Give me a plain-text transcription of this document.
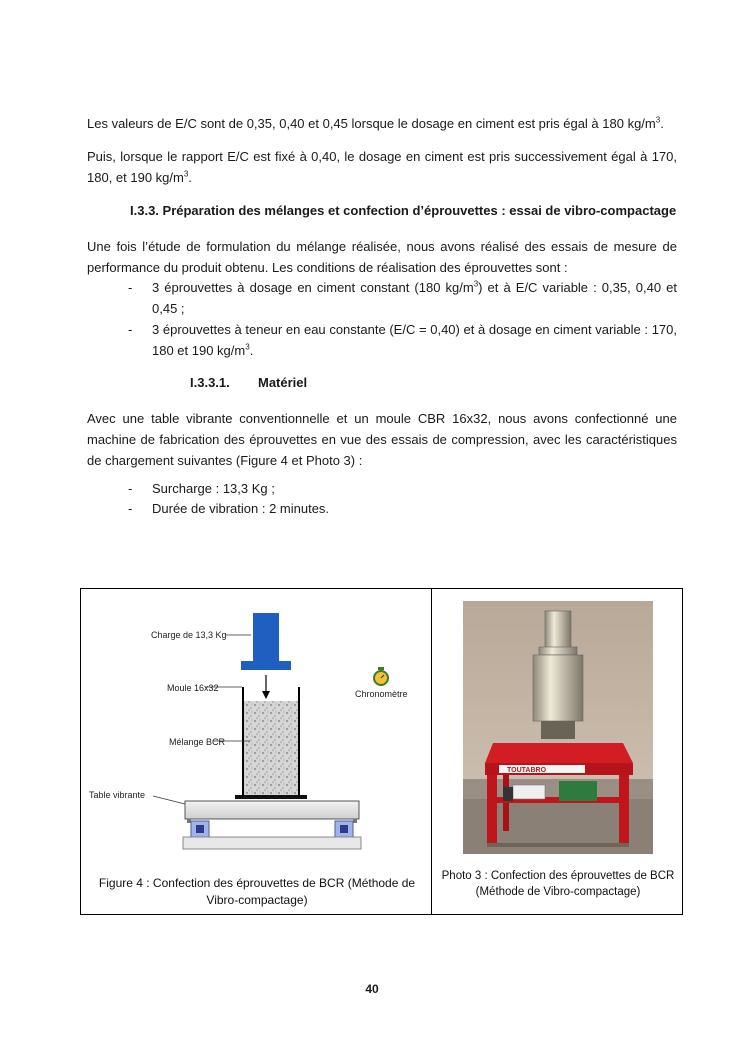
Les valeurs de E/C sont de 0,35, 0,40 et 0,45 lorsque le dosage en ciment est pris égal à 180 $kg/m^3$.

Puis, lorsque le rapport E/C est fixé à 0,40, le dosage en ciment est pris successivement égal à 170, 180, et 190 $kg/m^3$.

I.3.3. Préparation des mélanges et confection d’éprouvettes : essai de vibro-compactage

Une fois l’étude de formulation du mélange réalisée, nous avons réalisé des essais de mesure de performance du produit obtenu. Les conditions de réalisation des éprouvettes sont :

- 3 éprouvettes à dosage en ciment constant (180 $kg/m^3$) et à E/C variable : 0,35, 0,40 et 0,45 ;
- 3 éprouvettes à teneur en eau constante (E/C = 0,40) et à dosage en ciment variable : 170, 180 et 190 $kg/m^3$.
I.3.3.1. Matériel

Avec une table vibrante conventionnelle et un moule CBR 16x32, nous avons confectionné une machine de fabrication des éprouvettes en vue des essais de compression, avec les caractéristiques de chargement suivantes (Figure 4 et Photo 3) :

- Surcharge : 13,3 Kg ;
- Durée de vibration : 2 minutes.
Charge de 13,3 Kg
Moule 16x32
Mélange BCR
Table vibrante
Chronomètre
Figure 4 : Confection des éprouvettes de BCR (Méthode de Vibro-compactage)
TOUTABRO
Photo 3 : Confection des éprouvettes de BCR (Méthode de Vibro-compactage)
40
